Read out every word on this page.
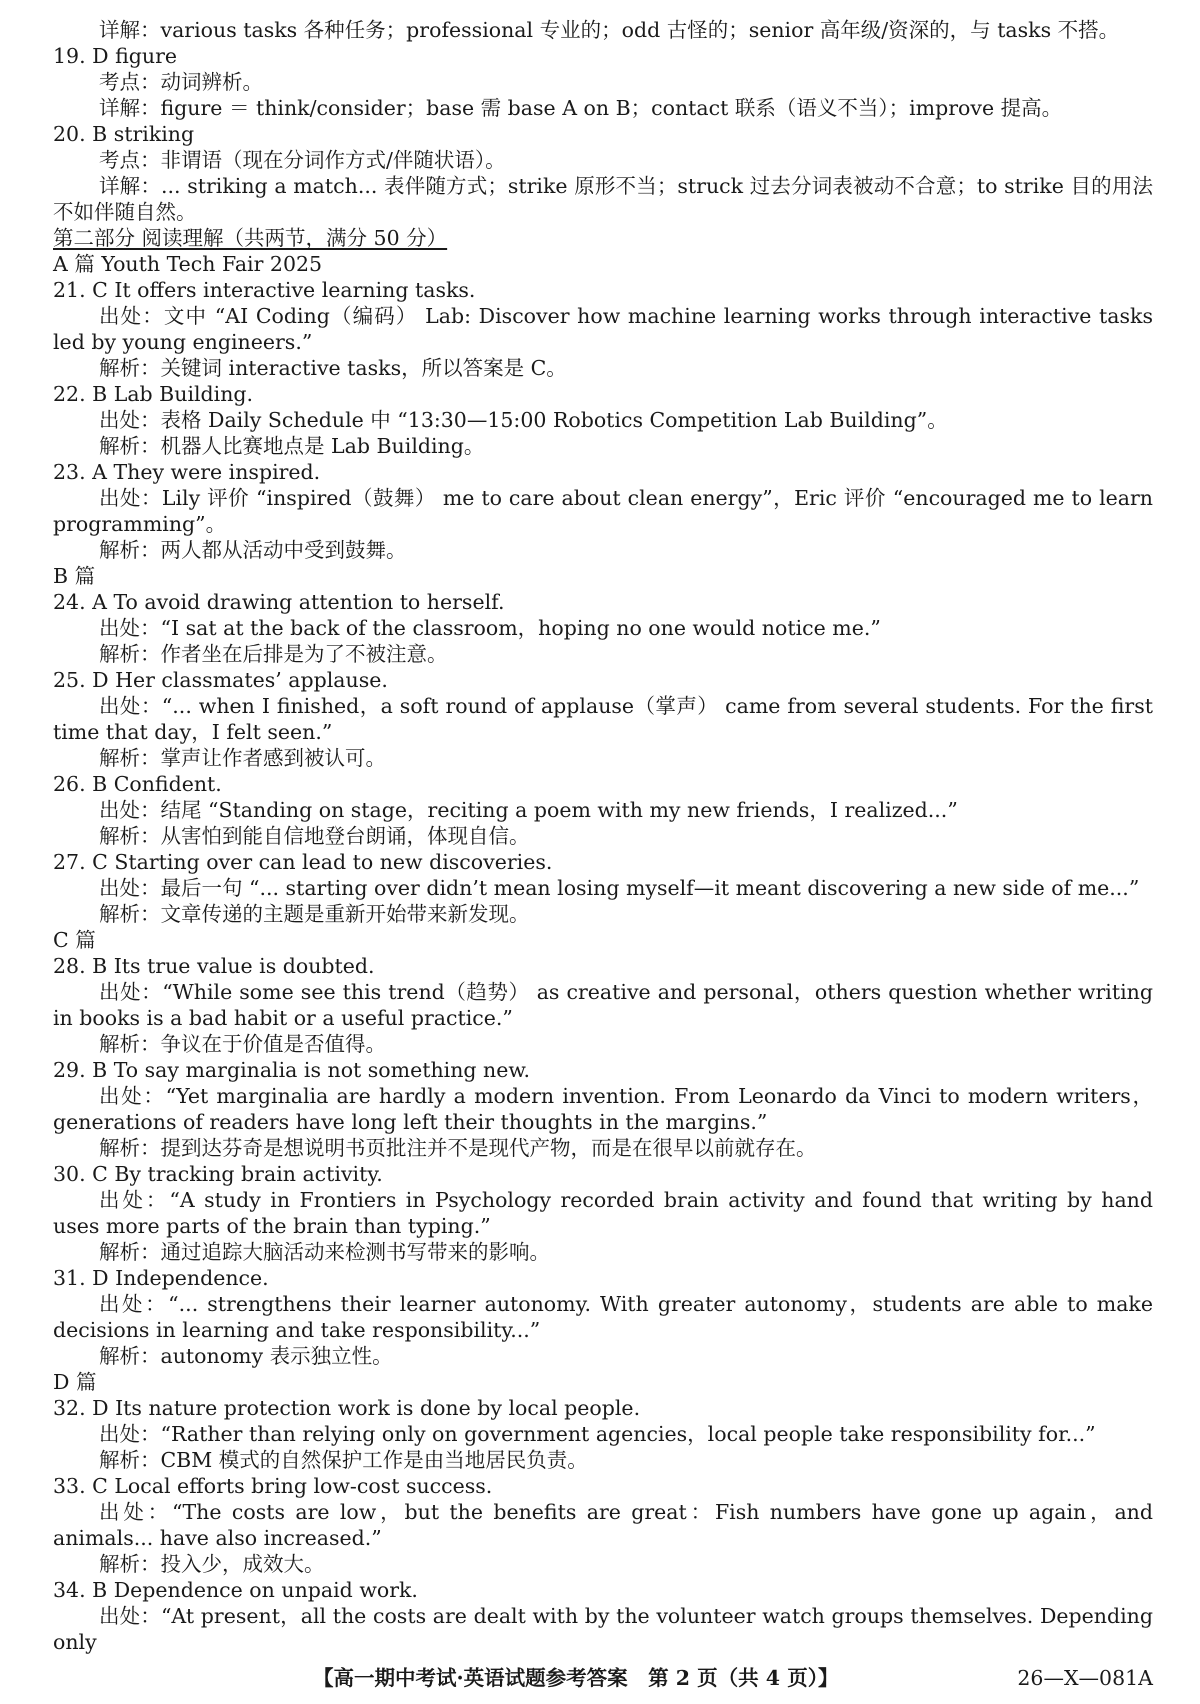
详解：various tasks 各种任务；professional 专业的；odd 古怪的；senior 高年级/资深的，与 tasks 不搭。
19. D figure
考点：动词辨析。
详解：figure ＝ think/consider；base 需 base A on B；contact 联系（语义不当）；improve 提高。
20. B striking
考点：非谓语（现在分词作方式/伴随状语）。
详解：... striking a match... 表伴随方式；strike 原形不当；struck 过去分词表被动不合意；to strike 目的用法不如伴随自然。
第二部分 阅读理解（共两节，满分 50 分）
A 篇 Youth Tech Fair 2025
21. C It offers interactive learning tasks.
出处：文中 “AI Coding（编码） Lab: Discover how machine learning works through interactive tasks led by young engineers.”
解析：关键词 interactive tasks，所以答案是 C。
22. B Lab Building.
出处：表格 Daily Schedule 中 “13:30—15:00 Robotics Competition Lab Building”。
解析：机器人比赛地点是 Lab Building。
23. A They were inspired.
出处：Lily 评价 “inspired（鼓舞） me to care about clean energy”，Eric 评价 “encouraged me to learn programming”。
解析：两人都从活动中受到鼓舞。
B 篇
24. A To avoid drawing attention to herself.
出处：“I sat at the back of the classroom，hoping no one would notice me.”
解析：作者坐在后排是为了不被注意。
25. D Her classmates’ applause.
出处：“... when I finished，a soft round of applause（掌声） came from several students. For the first time that day，I felt seen.”
解析：掌声让作者感到被认可。
26. B Confident.
出处：结尾 “Standing on stage，reciting a poem with my new friends，I realized...”
解析：从害怕到能自信地登台朗诵，体现自信。
27. C Starting over can lead to new discoveries.
出处：最后一句 “... starting over didn’t mean losing myself—it meant discovering a new side of me...”
解析：文章传递的主题是重新开始带来新发现。
C 篇
28. B Its true value is doubted.
出处：“While some see this trend（趋势） as creative and personal，others question whether writing in books is a bad habit or a useful practice.”
解析：争议在于价值是否值得。
29. B To say marginalia is not something new.
出处：“Yet marginalia are hardly a modern invention. From Leonardo da Vinci to modern writers，generations of readers have long left their thoughts in the margins.”
解析：提到达芬奇是想说明书页批注并不是现代产物，而是在很早以前就存在。
30. C By tracking brain activity.
出处：“A study in Frontiers in Psychology recorded brain activity and found that writing by hand uses more parts of the brain than typing.”
解析：通过追踪大脑活动来检测书写带来的影响。
31. D Independence.
出处：“... strengthens their learner autonomy. With greater autonomy，students are able to make decisions in learning and take responsibility...”
解析：autonomy 表示独立性。
D 篇
32. D Its nature protection work is done by local people.
出处：“Rather than relying only on government agencies，local people take responsibility for...”
解析：CBM 模式的自然保护工作是由当地居民负责。
33. C Local efforts bring low-cost success.
出处：“The costs are low，but the benefits are great：Fish numbers have gone up again，and animals... have also increased.”
解析：投入少，成效大。
34. B Dependence on unpaid work.
出处：“At present，all the costs are dealt with by the volunteer watch groups themselves. Depending only
【高一期中考试·英语试题参考答案　第 2 页（共 4 页）】	26—X—081A
